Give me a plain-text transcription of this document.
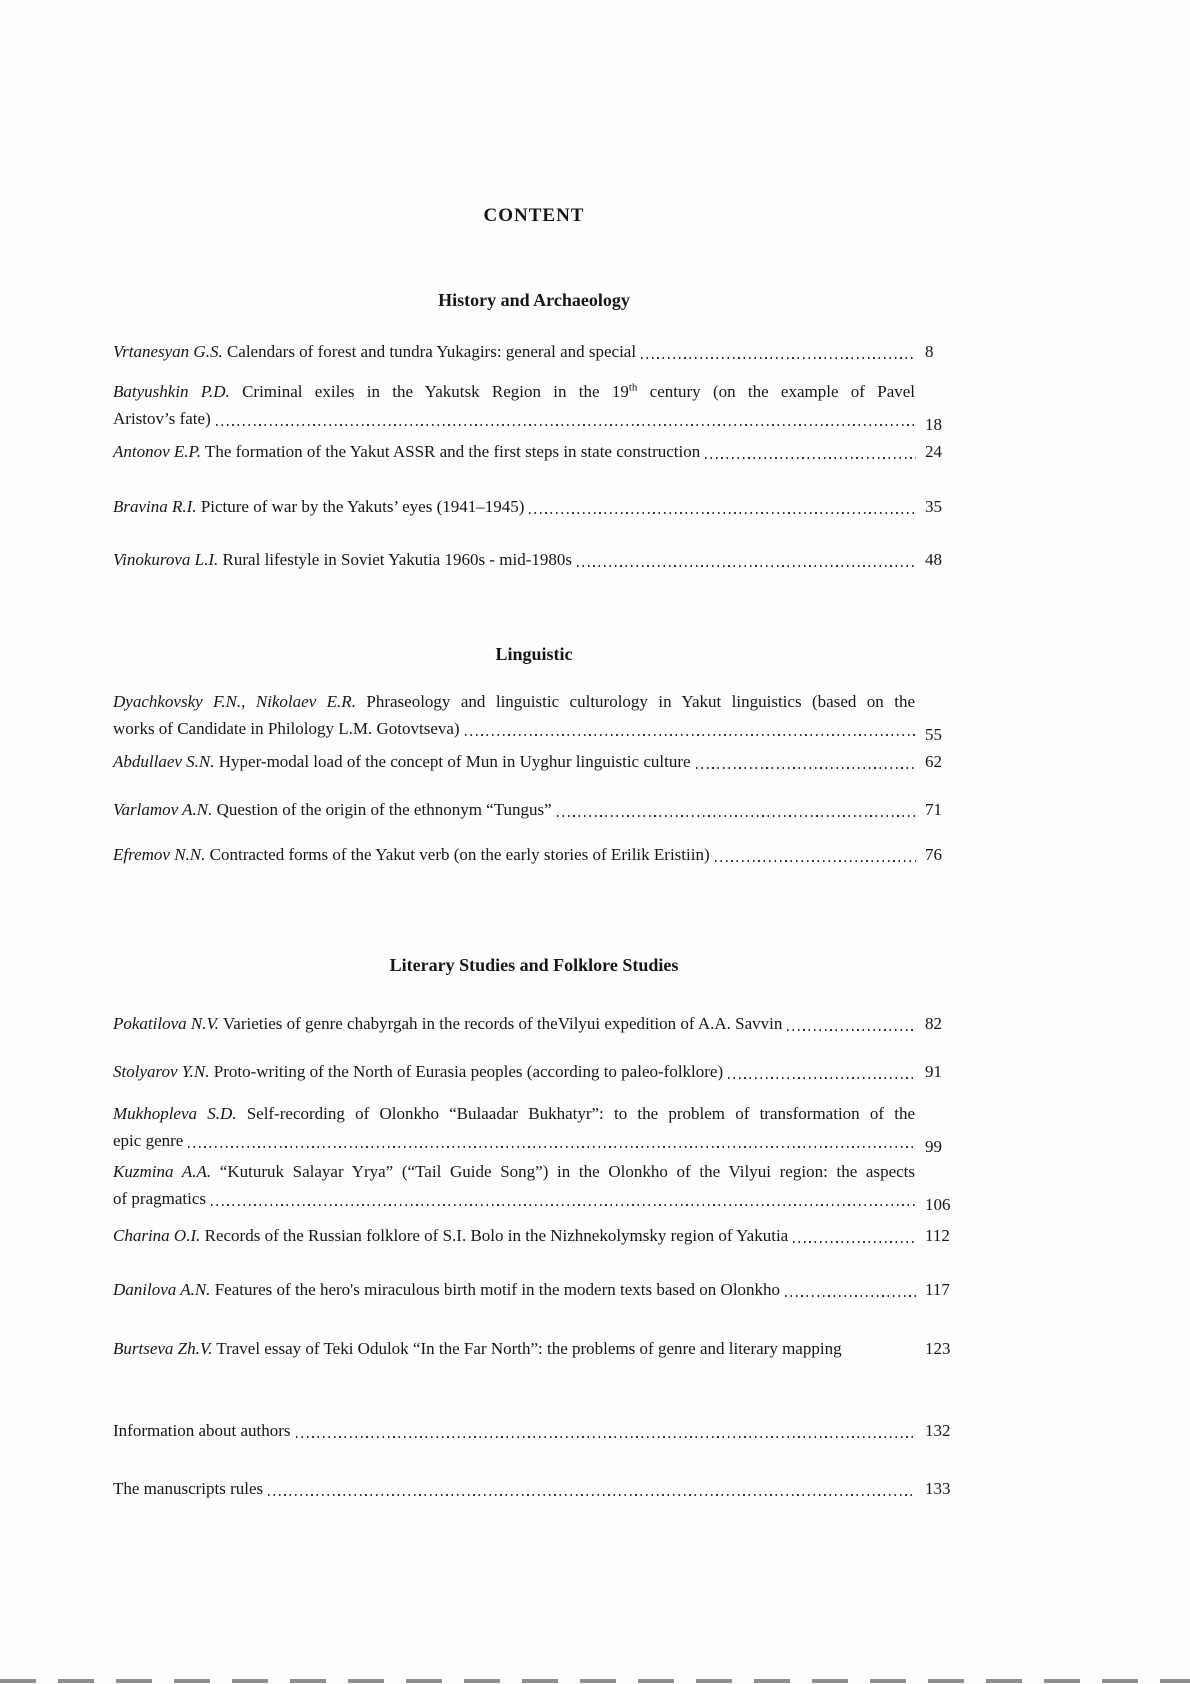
CONTENT
History and Archaeology
Vrtanesyan G.S. Calendars of forest and tundra Yukagirs: general and special	8
Batyushkin P.D. Criminal exiles in the Yakutsk Region in the 19th century (on the example of Pavel
Aristov’s fate)	18
Antonov E.P. The formation of the Yakut ASSR and the first steps in state construction	24
Bravina R.I. Picture of war by the Yakuts’ eyes (1941–1945)	35
Vinokurova L.I. Rural lifestyle in Soviet Yakutia 1960s - mid-1980s	48
Linguistic
Dyachkovsky F.N., Nikolaev E.R. Phraseology and linguistic culturology in Yakut linguistics (based on the
works of Candidate in Philology L.M. Gotovtseva)	55
Abdullaev S.N. Hyper-modal load of the concept of Mun in Uyghur linguistic culture	62
Varlamov A.N. Question of the origin of the ethnonym “Tungus”	71
Efremov N.N. Contracted forms of the Yakut verb (on the early stories of Erilik Eristiin)	76
Literary Studies and Folklore Studies
Pokatilova N.V. Varieties of genre chabyrgah in the records of theVilyui expedition of A.A. Savvin	82
Stolyarov Y.N. Proto-writing of the North of Eurasia peoples (according to paleo-folklore)	91
Mukhopleva S.D. Self-recording of Olonkho “Bulaadar Bukhatyr”: to the problem of transformation of the
epic genre	99
Kuzmina A.A. “Kuturuk Salayar Yrya” (“Tail Guide Song”) in the Olonkho of the Vilyui region: the aspects
of pragmatics	106
Charina O.I. Records of the Russian folklore of S.I. Bolo in the Nizhnekolymsky region of Yakutia	112
Danilova A.N. Features of the hero's miraculous birth motif in the modern texts based on Olonkho	117
Burtseva Zh.V. Travel essay of Teki Odulok “In the Far North”: the problems of genre and literary mapping	123
Information about authors	132
The manuscripts rules	133
